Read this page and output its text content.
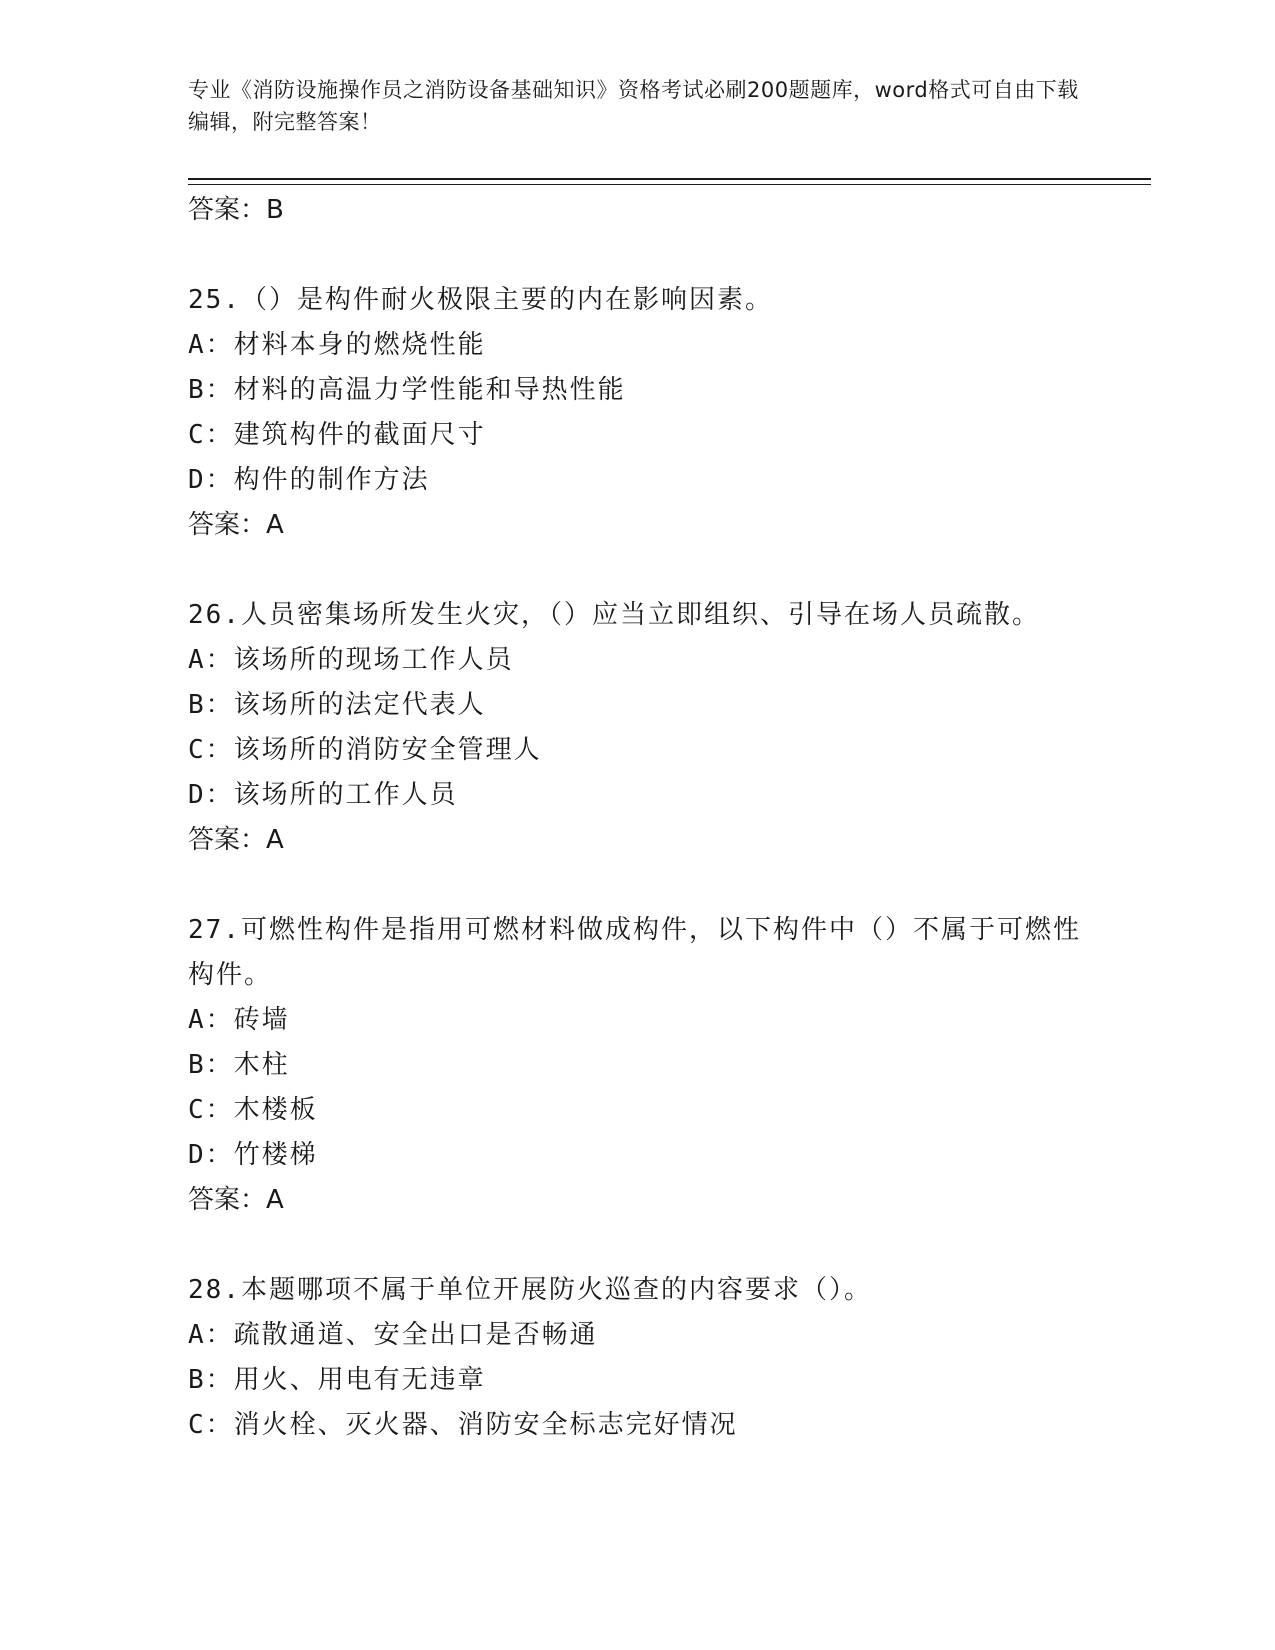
专业《消防设施操作员之消防设备基础知识》资格考试必刷200题题库，word格式可自由下载编辑，附完整答案！

答案：B

25.（）是构件耐火极限主要的内在影响因素。

A：材料本身的燃烧性能

B：材料的高温力学性能和导热性能

C：建筑构件的截面尺寸

D：构件的制作方法

答案：A

26.人员密集场所发生火灾，（）应当立即组织、引导在场人员疏散。

A：该场所的现场工作人员

B：该场所的法定代表人

C：该场所的消防安全管理人

D：该场所的工作人员

答案：A

27.可燃性构件是指用可燃材料做成构件，以下构件中（）不属于可燃性构件。

A：砖墙

B：木柱

C：木楼板

D：竹楼梯

答案：A

28.本题哪项不属于单位开展防火巡查的内容要求（）。

A：疏散通道、安全出口是否畅通

B：用火、用电有无违章

C：消火栓、灭火器、消防安全标志完好情况
